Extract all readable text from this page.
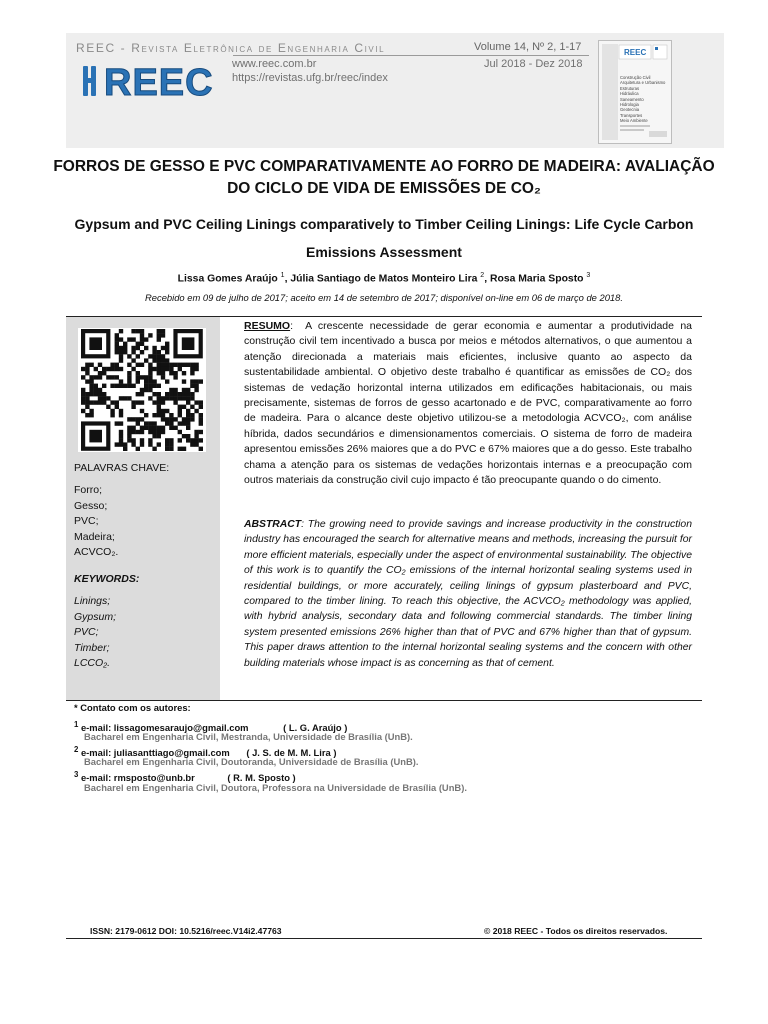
REEC - Revista Eletrônica de Engenharia Civil	Volume 14, Nº 2, 1-17
REEC www.reec.com.br
https://revistas.ufg.br/reec/index
Jul 2018 - Dez 2018
REEC
Construção Civil
Arquitetura e Urbanismo
Estruturas
Hidráulica
Saneamento
Hidrologia
Geotecnia
Transportes
Meio Ambiente
FORROS DE GESSO E PVC COMPARATIVAMENTE AO FORRO DE MADEIRA: AVALIAÇÃO DO CICLO DE VIDA DE EMISSÕES DE CO₂
Gypsum and PVC Ceiling Linings comparatively to Timber Ceiling Linings: Life Cycle Carbon Emissions Assessment
Lissa Gomes Araújo $^1$, Júlia Santiago de Matos Monteiro Lira $^2$, Rosa Maria Sposto $^3$
Recebido em 09 de julho de 2017; aceito em 14 de setembro de 2017; disponível on-line em 06 de março de 2018.
PALAVRAS CHAVE:
Forro;
Gesso;
PVC;
Madeira;
ACVCO₂.
KEYWORDS:
Linings;
Gypsum;
PVC;
Timber;
LCCO₂.
RESUMO:  A crescente necessidade de gerar economia e aumentar a produtividade na construção civil tem incentivado a busca por meios e métodos alternativos, o que aumentou a atenção direcionada a materiais mais eficientes, inclusive quanto ao aspecto da sustentabilidade ambiental. O objetivo deste trabalho é quantificar as emissões de CO₂ dos sistemas de vedação horizontal interna utilizados em edificações habitacionais, ou mais precisamente, sistemas de forros de gesso acartonado e de PVC, comparativamente ao forro de madeira. Para o alcance deste objetivo utilizou-se a metodologia ACVCO₂, com análise híbrida, dados secundários e dimensionamentos comerciais. O sistema de forro de madeira apresentou emissões 26% maiores que a do PVC e 67% maiores que a do gesso. Este trabalho chama a atenção para os sistemas de vedações horizontais internas e a preocupação com outros materiais da construção civil cujo impacto é tão preocupante quando o do cimento.
ABSTRACT: The growing need to provide savings and increase productivity in the construction industry has encouraged the search for alternative means and methods, increasing the pursuit for more efficient materials, especially under the aspect of environmental sustainability. The objective of this work is to quantify the CO₂ emissions of the internal horizontal sealing systems used in residential buildings, or more accurately, ceiling linings of gypsum plasterboard and PVC, compared to the timber lining. To reach this objective, the ACVCO₂ methodology was applied, with hybrid analysis, secondary data and following commercial standards. The timber lining system presented emissions 26% higher than that of PVC and 67% higher than that of gypsum. This paper draws attention to the internal horizontal sealing systems and the concern with other building materials whose impact is as concerning as that of cement.
* Contato com os autores:
$^1$ e-mail: lissagomesaraujo@gmail.com	( L. G. Araújo )
Bacharel em Engenharia Civil, Mestranda, Universidade de Brasília (UnB).
$^2$ e-mail: juliasanttiago@gmail.com ( J. S. de M. M. Lira )
Bacharel em Engenharia Civil, Doutoranda, Universidade de Brasília (UnB).
$^3$ e-mail: rmsposto@unb.br	( R. M. Sposto )
Bacharel em Engenharia Civil, Doutora, Professora na Universidade de Brasília (UnB).
ISSN: 2179-0612 DOI: 10.5216/reec.V14i2.47763	© 2018 REEC - Todos os direitos reservados.
